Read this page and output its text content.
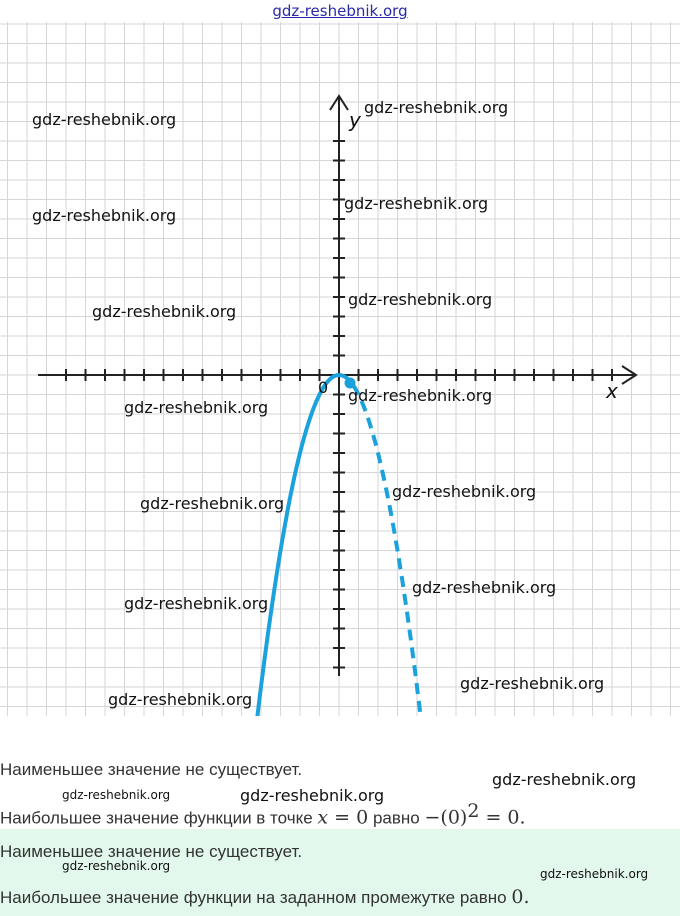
x
y
0
gdz-reshebnik.org
gdz-reshebnik.org
gdz-reshebnik.org
gdz-reshebnik.org
gdz-reshebnik.org
gdz-reshebnik.org
gdz-reshebnik.org
gdz-reshebnik.org
gdz-reshebnik.org
gdz-reshebnik.org
gdz-reshebnik.org
gdz-reshebnik.org
gdz-reshebnik.org
gdz-reshebnik.org
gdz-reshebnik.org
Наименьшее значение не существует.
gdz-reshebnik.org
gdz-reshebnik.org	gdz-reshebnik.org
Наибольшее значение функции в точке x = 0 равно $-(0)^2 = 0$.
Наименьшее значение не существует.
gdz-reshebnik.org
gdz-reshebnik.org
Наибольшее значение функции на заданном промежутке равно 0.
